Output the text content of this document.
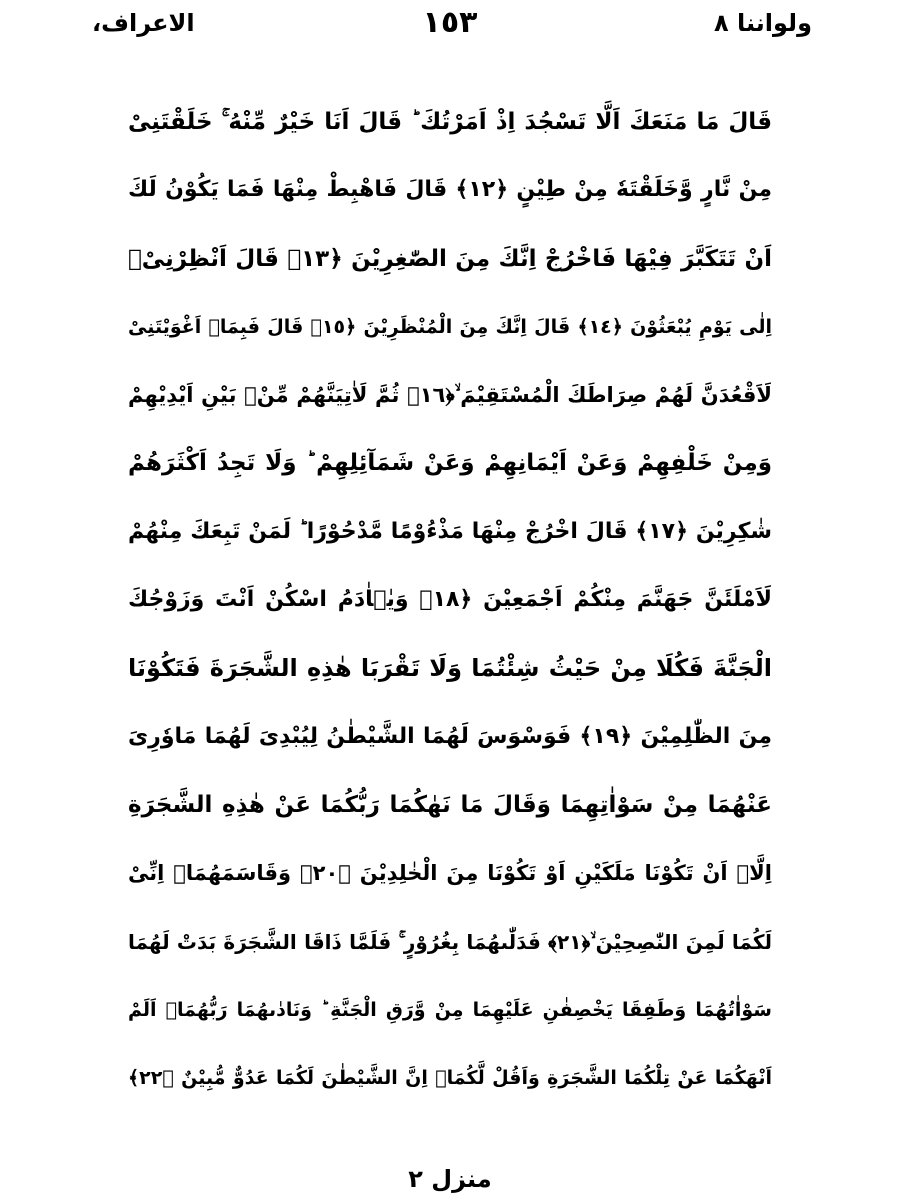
ولواننا ٨
١٥٣
الاعراف،
قَالَ مَا مَنَعَكَ اَلَّا تَسْجُدَ اِذْ اَمَرْتُكَ ؕ قَالَ اَنَا خَيْرٌ مِّنْهُ ۚ خَلَقْتَنِىْ
مِنْ نَّارٍ وَّخَلَقْتَهٗ مِنْ طِيْنٍ ﴿١٢﴾ قَالَ فَاهْبِطْ مِنْهَا فَمَا يَكُوْنُ لَكَ
اَنْ تَتَكَبَّرَ فِيْهَا فَاخْرُجْ اِنَّكَ مِنَ الصّٰغِرِيْنَ ﴿١٣﴾ قَالَ اَنْظِرْنِىْۤ
اِلٰى يَوْمِ يُبْعَثُوْنَ ﴿١٤﴾ قَالَ اِنَّكَ مِنَ الْمُنْظَرِيْنَ ﴿١٥﴾ قَالَ فَبِمَاۤ اَغْوَيْتَنِىْ
لَاَقْعُدَنَّ لَهُمْ صِرَاطَكَ الْمُسْتَقِيْمَ ۙ﴿١٦﴾ ثُمَّ لَاٰتِيَنَّهُمْ مِّنْۢ بَيْنِ اَيْدِيْهِمْ
وَمِنْ خَلْفِهِمْ وَعَنْ اَيْمَانِهِمْ وَعَنْ شَمَآئِلِهِمْ ؕ وَلَا تَجِدُ اَكْثَرَهُمْ
شٰكِرِيْنَ ﴿١٧﴾ قَالَ اخْرُجْ مِنْهَا مَذْءُوْمًا مَّدْحُوْرًا ؕ لَمَنْ تَبِعَكَ مِنْهُمْ
لَاَمْلَئَنَّ جَهَنَّمَ مِنْكُمْ اَجْمَعِيْنَ ﴿١٨﴾ وَيٰۤاٰدَمُ اسْكُنْ اَنْتَ وَزَوْجُكَ
الْجَنَّةَ فَكُلَا مِنْ حَيْثُ شِئْتُمَا وَلَا تَقْرَبَا هٰذِهِ الشَّجَرَةَ فَتَكُوْنَا
مِنَ الظّٰلِمِيْنَ ﴿١٩﴾ فَوَسْوَسَ لَهُمَا الشَّيْطٰنُ لِيُبْدِىَ لَهُمَا مَاوٗرِىَ
عَنْهُمَا مِنْ سَوْاٰتِهِمَا وَقَالَ مَا نَهٰكُمَا رَبُّكُمَا عَنْ هٰذِهِ الشَّجَرَةِ
اِلَّاۤ اَنْ تَكُوْنَا مَلَكَيْنِ اَوْ تَكُوْنَا مِنَ الْخٰلِدِيْنَ ﴿٢٠﴾ وَقَاسَمَهُمَاۤ اِنِّىْ
لَكُمَا لَمِنَ النّٰصِحِيْنَ ۙ﴿٢١﴾ فَدَلّٰىهُمَا بِغُرُوْرٍ ۚ فَلَمَّا ذَاقَا الشَّجَرَةَ بَدَتْ لَهُمَا
سَوْاٰتُهُمَا وَطَفِقَا يَخْصِفٰنِ عَلَيْهِمَا مِنْ وَّرَقِ الْجَنَّةِ ؕ وَنَادٰىهُمَا رَبُّهُمَاۤ اَلَمْ
اَنْهَكُمَا عَنْ تِلْكُمَا الشَّجَرَةِ وَاَقُلْ لَّكُمَاۤ اِنَّ الشَّيْطٰنَ لَكُمَا عَدُوٌّ مُّبِيْنٌ ﴿٢٢﴾
منزل ٢
